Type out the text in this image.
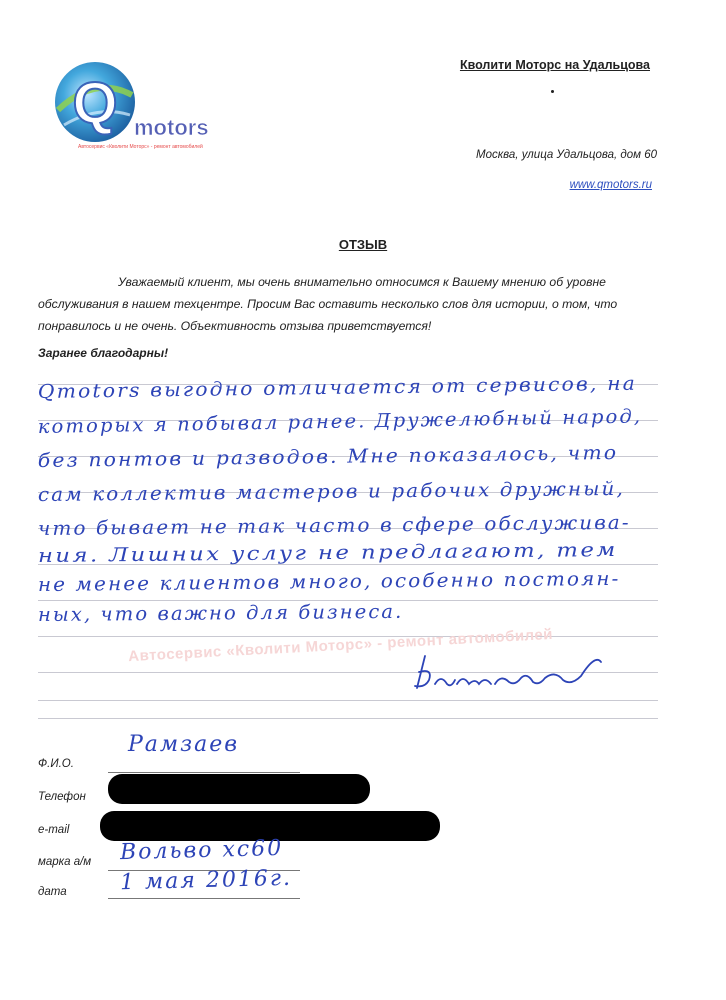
Q motors
Автосервис «Кволити Моторс» - ремонт автомобилей
Кволити Моторс на Удальцова
Москва, улица Удальцова, дом 60
www.qmotors.ru
ОТЗЫВ
Уважаемый клиент, мы очень внимательно относимся к Вашему мнению об уровне обслуживания в нашем техцентре. Просим Вас оставить несколько слов для истории, о том, что понравилось и не очень. Объективность отзыва приветствуется!
Заранее благодарны!
Qmotors выгодно отличается от сервисов, на
которых я побывал ранее. Дружелюбный народ,
без понтов и разводов. Мне показалось, что
сам коллектив мастеров и рабочих дружный,
что бывает не так часто в сфере обслужива-
ния. Лишних услуг не предлагают, тем
не менее клиентов много, особенно постоян-
ных, что важно для бизнеса.
Автосервис «Кволити Моторс» - ремонт автомобилей
Ф.И.О.
Рамзаев
Телефон
e-mail
марка а/м Вольво хс60
дата 1 мая 2016г.
